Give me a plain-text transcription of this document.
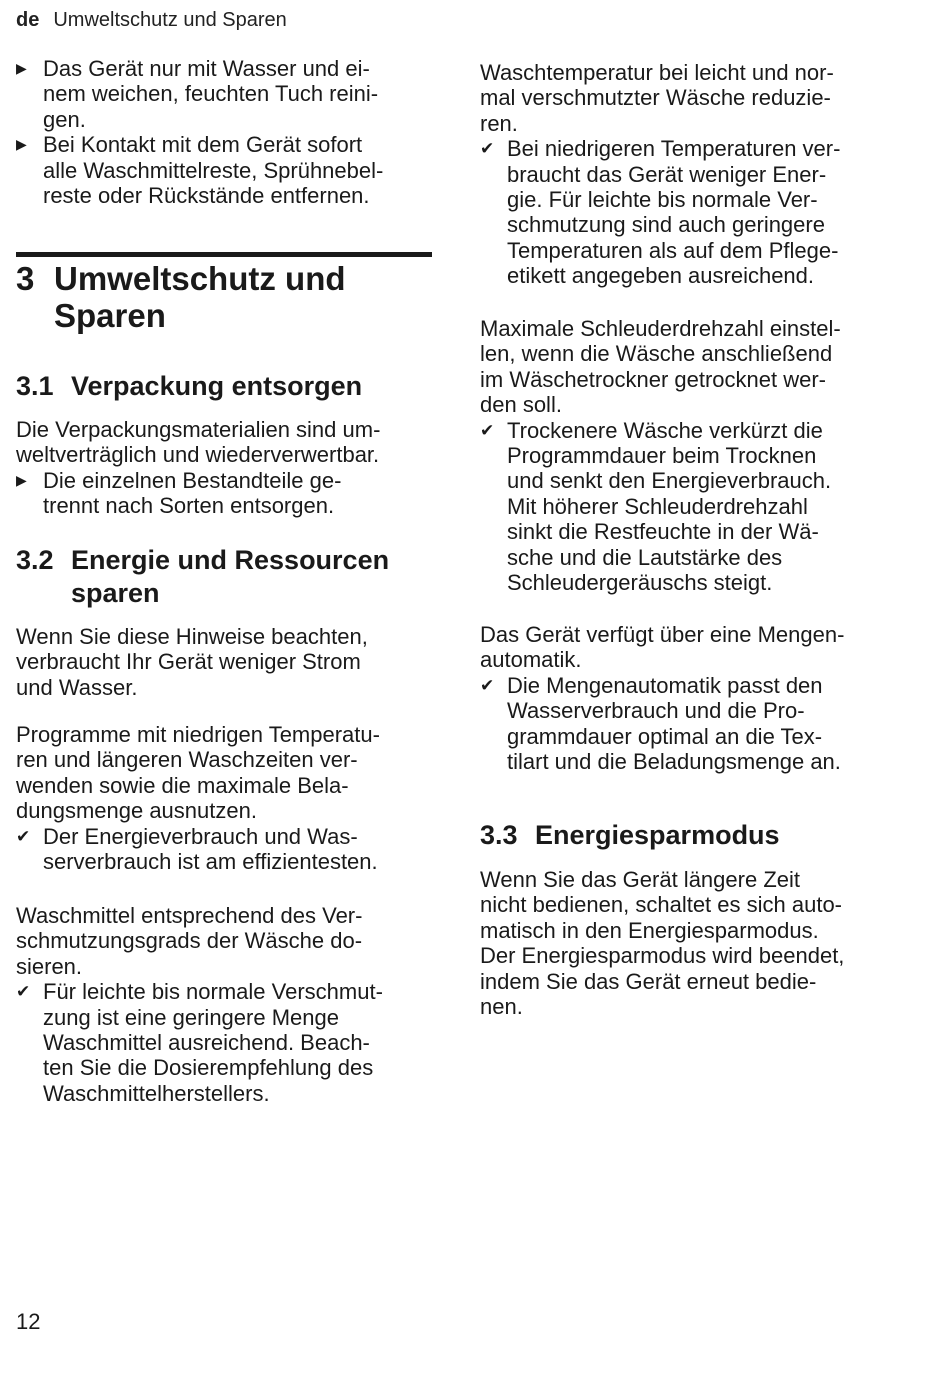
de Umweltschutz und Sparen
▶ Das Gerät nur mit Wasser und ei-
nem weichen, feuchten Tuch reini-
gen.
▶ Bei Kontakt mit dem Gerät sofort
alle Waschmittelreste, Sprühnebel-
reste oder Rückstände entfernen.
3 Umweltschutz und
Sparen
3.1 Verpackung entsorgen

Die Verpackungsmaterialien sind um-

weltverträglich und wiederverwertbar.

▶ Die einzelnen Bestandteile ge-
trennt nach Sorten entsorgen.
3.2 Energie und Ressourcen
sparen

Wenn Sie diese Hinweise beachten,

verbraucht Ihr Gerät weniger Strom

und Wasser.

Programme mit niedrigen Temperatu-

ren und längeren Waschzeiten ver-

wenden sowie die maximale Bela-

dungsmenge ausnutzen.

✔ Der Energieverbrauch und Was-
serverbrauch ist am effizientesten.

Waschmittel entsprechend des Ver-

schmutzungsgrads der Wäsche do-

sieren.

✔ Für leichte bis normale Verschmut-
zung ist eine geringere Menge
Waschmittel ausreichend. Beach-
ten Sie die Dosierempfehlung des
Waschmittelherstellers.

Waschtemperatur bei leicht und nor-

mal verschmutzter Wäsche reduzie-

ren.

✔ Bei niedrigeren Temperaturen ver-
braucht das Gerät weniger Ener-
gie. Für leichte bis normale Ver-
schmutzung sind auch geringere
Temperaturen als auf dem Pflege-
etikett angegeben ausreichend.

Maximale Schleuderdrehzahl einstel-

len, wenn die Wäsche anschließend

im Wäschetrockner getrocknet wer-

den soll.

✔ Trockenere Wäsche verkürzt die
Programmdauer beim Trocknen
und senkt den Energieverbrauch.
Mit höherer Schleuderdrehzahl
sinkt die Restfeuchte in der Wä-
sche und die Lautstärke des
Schleudergeräuschs steigt.

Das Gerät verfügt über eine Mengen-

automatik.

✔ Die Mengenautomatik passt den
Wasserverbrauch und die Pro-
grammdauer optimal an die Tex-
tilart und die Beladungsmenge an.
3.3 Energiesparmodus

Wenn Sie das Gerät längere Zeit

nicht bedienen, schaltet es sich auto-

matisch in den Energiesparmodus.

Der Energiesparmodus wird beendet,

indem Sie das Gerät erneut bedie-

nen.

12
